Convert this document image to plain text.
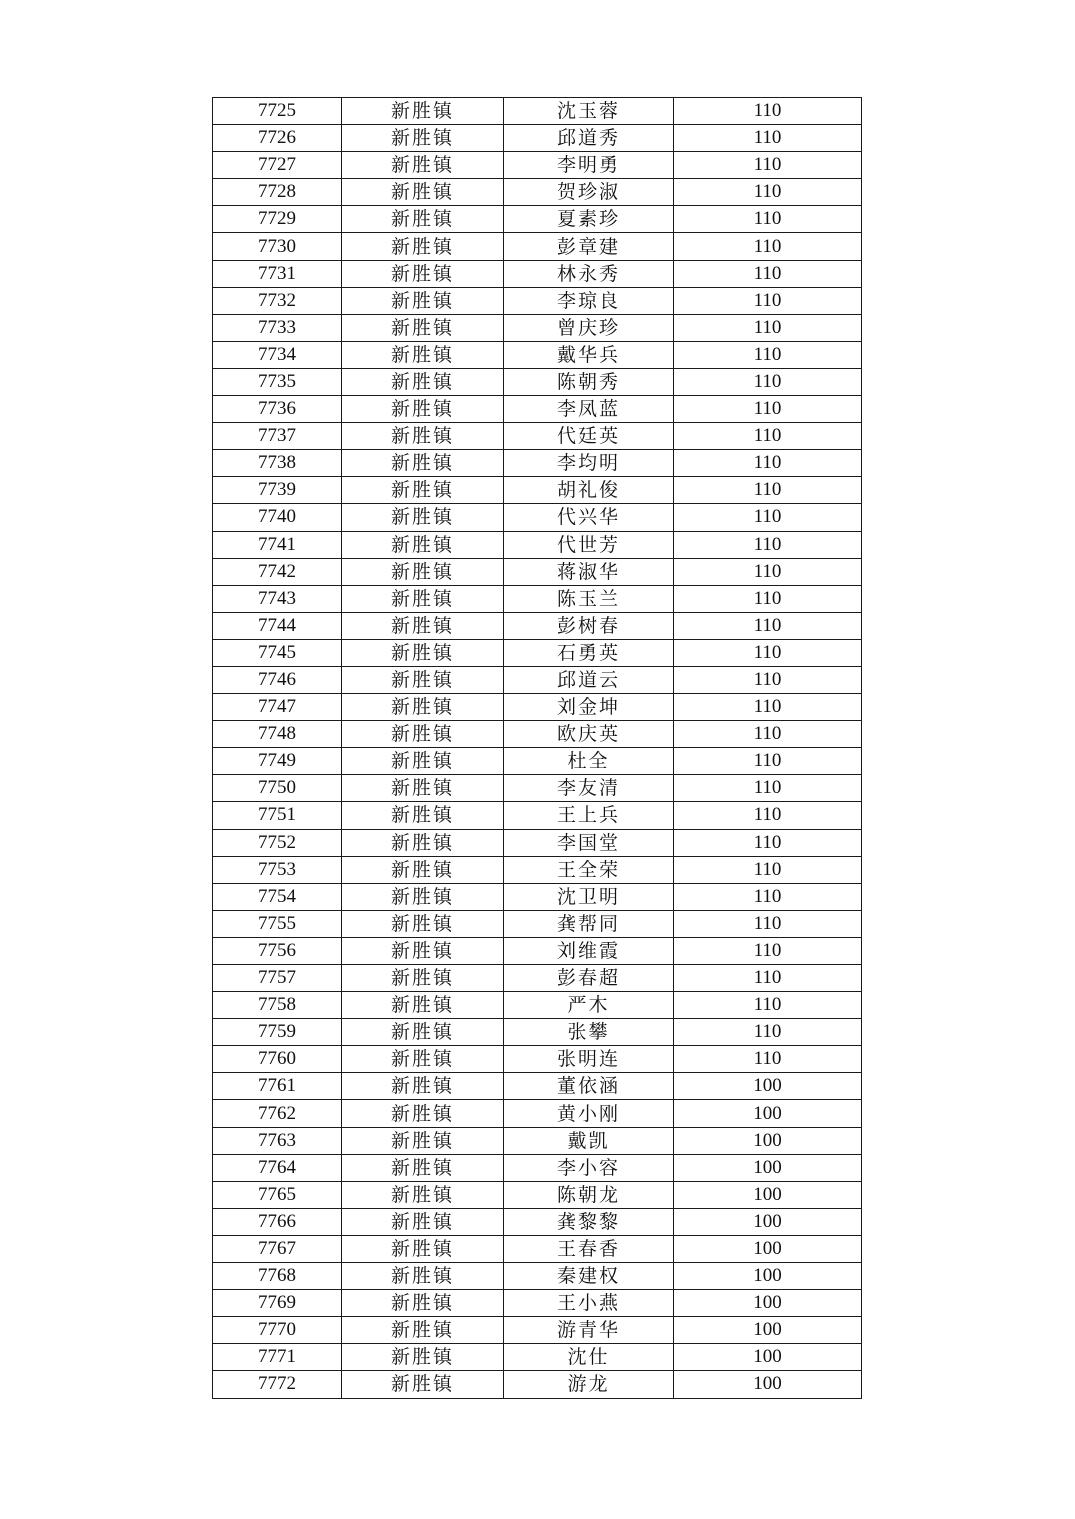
7725	新胜镇	沈玉蓉	110
7726	新胜镇	邱道秀	110
7727	新胜镇	李明勇	110
7728	新胜镇	贺珍淑	110
7729	新胜镇	夏素珍	110
7730	新胜镇	彭章建	110
7731	新胜镇	林永秀	110
7732	新胜镇	李琼良	110
7733	新胜镇	曾庆珍	110
7734	新胜镇	戴华兵	110
7735	新胜镇	陈朝秀	110
7736	新胜镇	李凤蓝	110
7737	新胜镇	代廷英	110
7738	新胜镇	李均明	110
7739	新胜镇	胡礼俊	110
7740	新胜镇	代兴华	110
7741	新胜镇	代世芳	110
7742	新胜镇	蒋淑华	110
7743	新胜镇	陈玉兰	110
7744	新胜镇	彭树春	110
7745	新胜镇	石勇英	110
7746	新胜镇	邱道云	110
7747	新胜镇	刘金坤	110
7748	新胜镇	欧庆英	110
7749	新胜镇	杜全	110
7750	新胜镇	李友清	110
7751	新胜镇	王上兵	110
7752	新胜镇	李国堂	110
7753	新胜镇	王全荣	110
7754	新胜镇	沈卫明	110
7755	新胜镇	龚帮同	110
7756	新胜镇	刘维霞	110
7757	新胜镇	彭春超	110
7758	新胜镇	严木	110
7759	新胜镇	张攀	110
7760	新胜镇	张明连	110
7761	新胜镇	董依涵	100
7762	新胜镇	黄小刚	100
7763	新胜镇	戴凯	100
7764	新胜镇	李小容	100
7765	新胜镇	陈朝龙	100
7766	新胜镇	龚黎黎	100
7767	新胜镇	王春香	100
7768	新胜镇	秦建权	100
7769	新胜镇	王小燕	100
7770	新胜镇	游青华	100
7771	新胜镇	沈仕	100
7772	新胜镇	游龙	100
